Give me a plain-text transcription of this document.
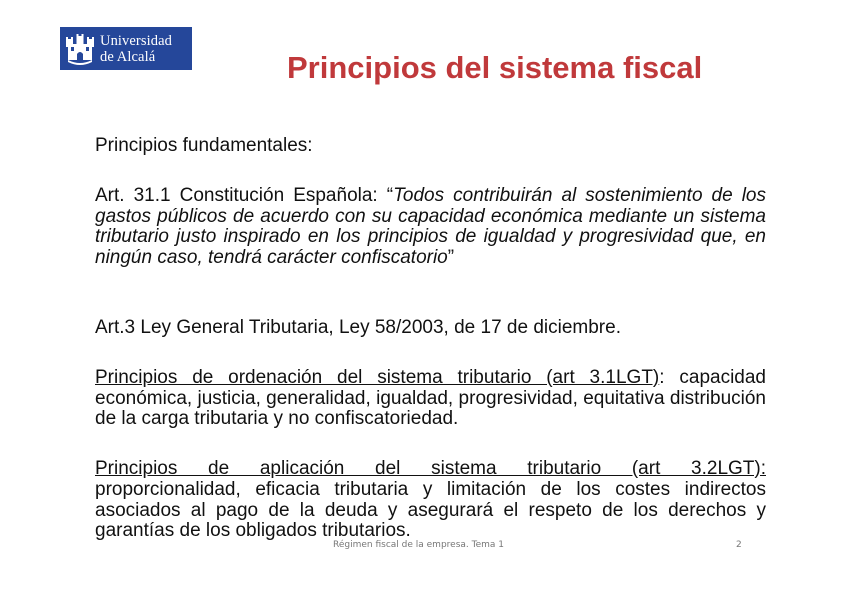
Universidad
de Alcalá	Principios del sistema fiscal

Principios fundamentales:

Art. 31.1 Constitución Española: “Todos contribuirán al sostenimiento de los gastos públicos de acuerdo con su capacidad económica mediante un sistema tributario justo inspirado en los principios de igualdad y progresividad que, en ningún caso, tendrá carácter confiscatorio”

Art.3 Ley General Tributaria, Ley 58/2003, de 17 de diciembre.

Principios de ordenación del sistema tributario (art 3.1LGT): capacidad económica, justicia, generalidad, igualdad, progresividad, equitativa distribución de la carga tributaria y no confiscatoriedad.

Principios de aplicación del sistema tributario (art 3.2LGT):

proporcionalidad, eficacia tributaria y limitación de los costes indirectos asociados al pago de la deuda y asegurará el respeto de los derechos y garantías de los obligados tributarios.

Régimen fiscal de la empresa. Tema 1	2
